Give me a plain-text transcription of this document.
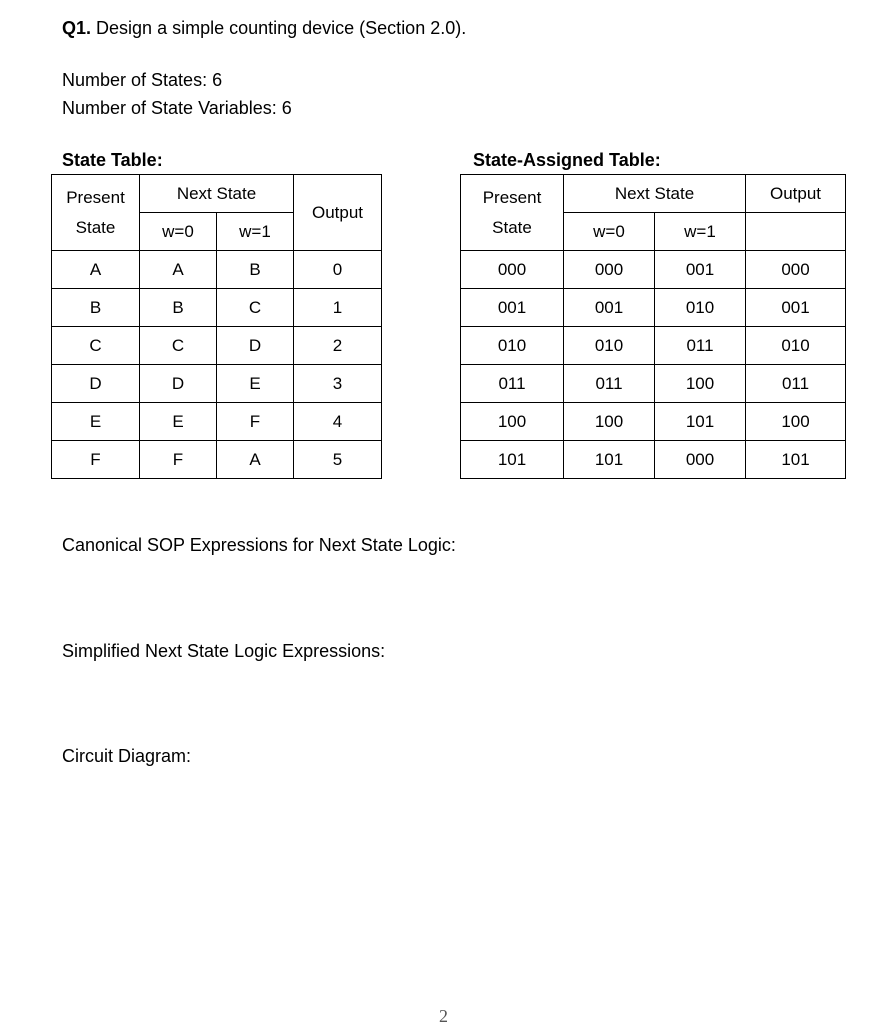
Q1. Design a simple counting device (Section 2.0).
Number of States: 6
Number of State Variables: 6
State Table:
Present
State	Next State		Output
	w=0	w=1	
A	A	B	0
B	B	C	1
C	C	D	2
D	D	E	3
E	E	F	4
F	F	A	5
State-Assigned Table:
Present
State	Next State		Output
	w=0	w=1	
000	000	001	000
001	001	010	001
010	010	011	010
011	011	100	011
100	100	101	100
101	101	000	101
Canonical SOP Expressions for Next State Logic:
Simplified Next State Logic Expressions:
Circuit Diagram:
2
